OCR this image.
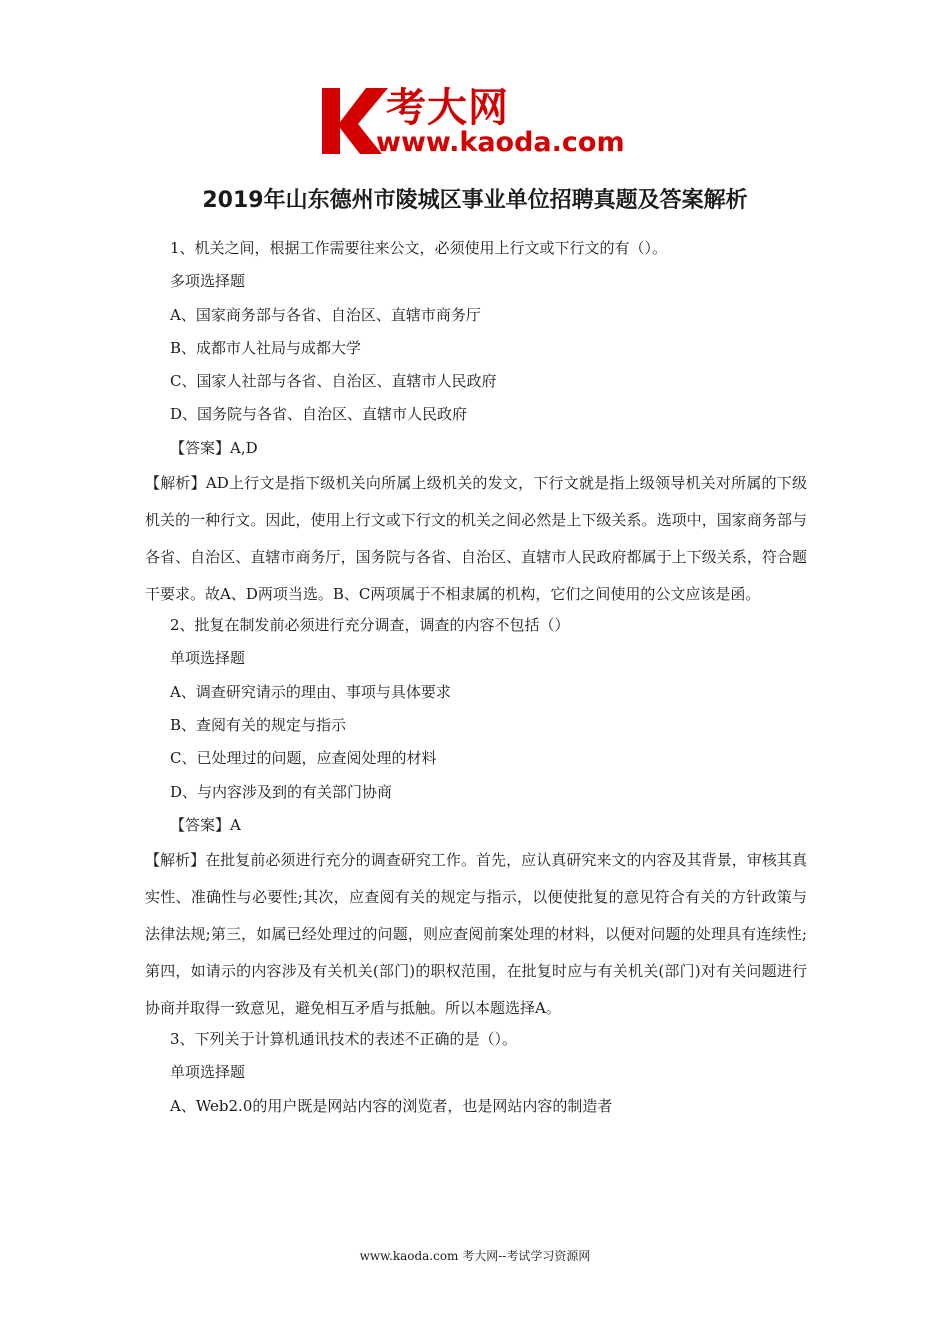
考大网
www.kaoda.com
2019年山东德州市陵城区事业单位招聘真题及答案解析
1、机关之间，根据工作需要往来公文，必须使用上行文或下行文的有（）。
多项选择题
A、国家商务部与各省、自治区、直辖市商务厅
B、成都市人社局与成都大学
C、国家人社部与各省、自治区、直辖市人民政府
D、国务院与各省、自治区、直辖市人民政府
【答案】A,D
【解析】AD上行文是指下级机关向所属上级机关的发文，下行文就是指上级领导机关对所属的下级机关的一种行文。因此，使用上行文或下行文的机关之间必然是上下级关系。选项中，国家商务部与各省、自治区、直辖市商务厅，国务院与各省、自治区、直辖市人民政府都属于上下级关系，符合题干要求。故A、D两项当选。B、C两项属于不相隶属的机构，它们之间使用的公文应该是函。
2、批复在制发前必须进行充分调查，调查的内容不包括（）
单项选择题
A、调查研究请示的理由、事项与具体要求
B、查阅有关的规定与指示
C、已处理过的问题，应查阅处理的材料
D、与内容涉及到的有关部门协商
【答案】A
【解析】在批复前必须进行充分的调查研究工作。首先，应认真研究来文的内容及其背景，审核其真实性、准确性与必要性;其次，应查阅有关的规定与指示，以便使批复的意见符合有关的方针政策与法律法规;第三，如属已经处理过的问题，则应查阅前案处理的材料，以便对问题的处理具有连续性;第四，如请示的内容涉及有关机关(部门)的职权范围，在批复时应与有关机关(部门)对有关问题进行协商并取得一致意见，避免相互矛盾与抵触。所以本题选择A。
3、下列关于计算机通讯技术的表述不正确的是（）。
单项选择题
A、Web2.0的用户既是网站内容的浏览者，也是网站内容的制造者
www.kaoda.com 考大网--考试学习资源网
